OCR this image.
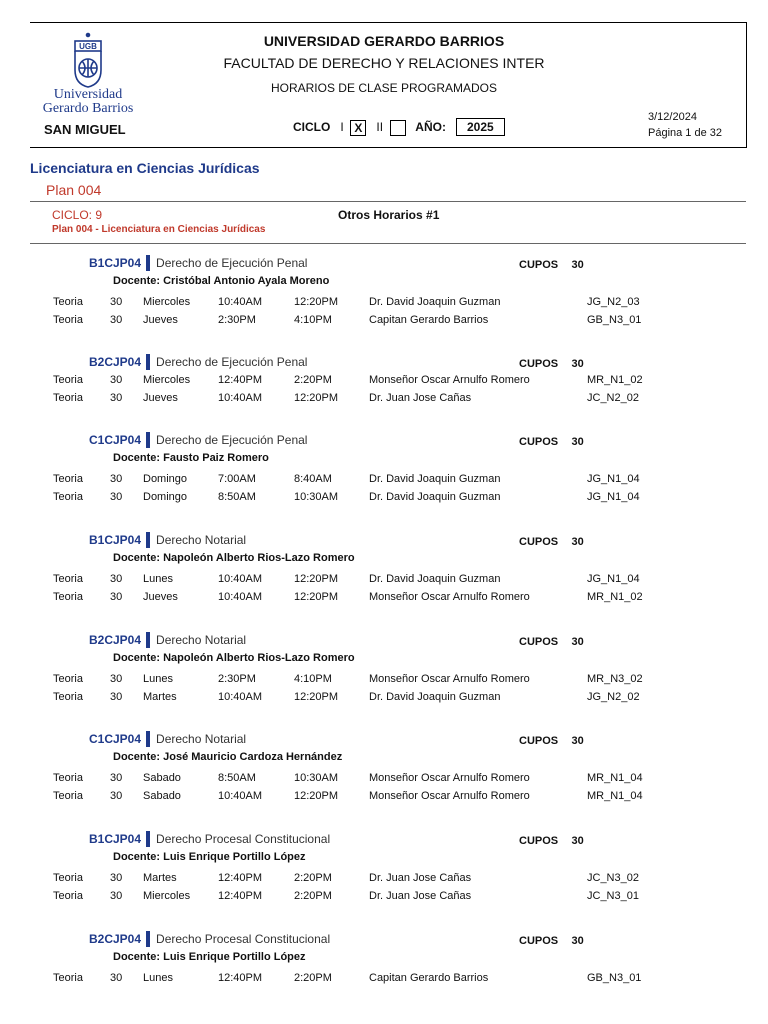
UGB
Universidad
Gerardo Barrios
SAN MIGUEL
UNIVERSIDAD GERARDO BARRIOS
FACULTAD DE DERECHO Y RELACIONES INTER
HORARIOS DE CLASE PROGRAMADOS
CICLO I X II	AÑO: 2025
3/12/2024
Página 1 de 32
Licenciatura en Ciencias Jurídicas
Plan 004
CICLO: 9
Plan 004 - Licenciatura en Ciencias Jurídicas
Otros Horarios #1
B1CJP04 Derecho de Ejecución Penal	CUPOS 30
Docente: Cristóbal Antonio Ayala Moreno
Teoria 30 Miercoles	10:40AM	12:20PM	Dr. David Joaquin Guzman	JG_N2_03
Teoria 30 Jueves	2:30PM	4:10PM	Capitan Gerardo Barrios	GB_N3_01
B2CJP04 Derecho de Ejecución Penal	CUPOS 30
Teoria 30 Miercoles	12:40PM	2:20PM	Monseñor Oscar Arnulfo Romero	MR_N1_02
Teoria 30 Jueves	10:40AM	12:20PM	Dr. Juan Jose Cañas	JC_N2_02
C1CJP04 Derecho de Ejecución Penal	CUPOS 30
Docente: Fausto Paiz Romero
Teoria 30 Domingo	7:00AM	8:40AM	Dr. David Joaquin Guzman	JG_N1_04
Teoria 30 Domingo	8:50AM	10:30AM	Dr. David Joaquin Guzman	JG_N1_04
B1CJP04 Derecho Notarial	CUPOS 30
Docente: Napoleón Alberto Rios-Lazo Romero
Teoria 30 Lunes	10:40AM	12:20PM	Dr. David Joaquin Guzman	JG_N1_04
Teoria 30 Jueves	10:40AM	12:20PM	Monseñor Oscar Arnulfo Romero	MR_N1_02
B2CJP04 Derecho Notarial	CUPOS 30
Docente: Napoleón Alberto Rios-Lazo Romero
Teoria 30 Lunes	2:30PM	4:10PM	Monseñor Oscar Arnulfo Romero	MR_N3_02
Teoria 30 Martes	10:40AM	12:20PM	Dr. David Joaquin Guzman	JG_N2_02
C1CJP04 Derecho Notarial	CUPOS 30
Docente: José Mauricio Cardoza Hernández
Teoria 30 Sabado	8:50AM	10:30AM	Monseñor Oscar Arnulfo Romero	MR_N1_04
Teoria 30 Sabado	10:40AM	12:20PM	Monseñor Oscar Arnulfo Romero	MR_N1_04
B1CJP04 Derecho Procesal Constitucional	CUPOS 30
Docente: Luis Enrique Portillo López
Teoria 30 Martes	12:40PM	2:20PM	Dr. Juan Jose Cañas	JC_N3_02
Teoria 30 Miercoles	12:40PM	2:20PM	Dr. Juan Jose Cañas	JC_N3_01
B2CJP04 Derecho Procesal Constitucional	CUPOS 30
Docente: Luis Enrique Portillo López
Teoria 30 Lunes	12:40PM	2:20PM	Capitan Gerardo Barrios	GB_N3_01
